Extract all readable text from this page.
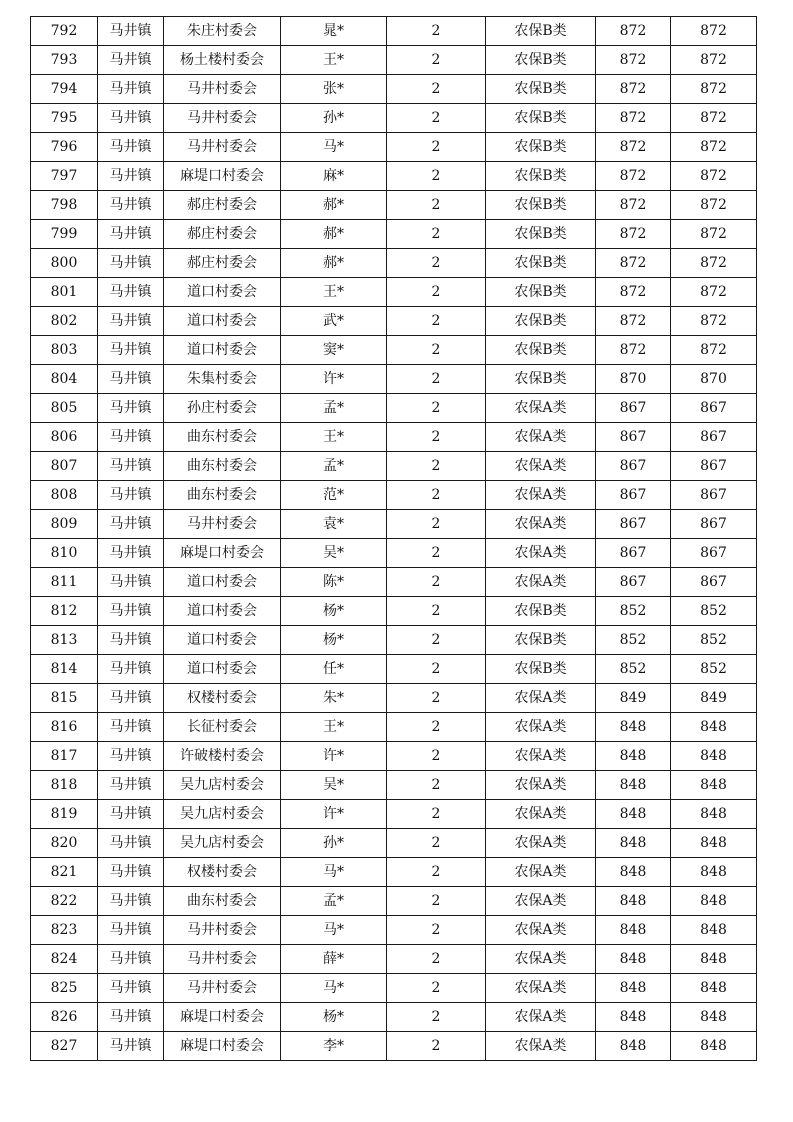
792	马井镇	朱庄村委会	晁*	2	农保B类	872	872
793	马井镇	杨土楼村委会	王*	2	农保B类	872	872
794	马井镇	马井村委会	张*	2	农保B类	872	872
795	马井镇	马井村委会	孙*	2	农保B类	872	872
796	马井镇	马井村委会	马*	2	农保B类	872	872
797	马井镇	麻堤口村委会	麻*	2	农保B类	872	872
798	马井镇	郝庄村委会	郝*	2	农保B类	872	872
799	马井镇	郝庄村委会	郝*	2	农保B类	872	872
800	马井镇	郝庄村委会	郝*	2	农保B类	872	872
801	马井镇	道口村委会	王*	2	农保B类	872	872
802	马井镇	道口村委会	武*	2	农保B类	872	872
803	马井镇	道口村委会	窦*	2	农保B类	872	872
804	马井镇	朱集村委会	许*	2	农保B类	870	870
805	马井镇	孙庄村委会	孟*	2	农保A类	867	867
806	马井镇	曲东村委会	王*	2	农保A类	867	867
807	马井镇	曲东村委会	孟*	2	农保A类	867	867
808	马井镇	曲东村委会	范*	2	农保A类	867	867
809	马井镇	马井村委会	袁*	2	农保A类	867	867
810	马井镇	麻堤口村委会	吴*	2	农保A类	867	867
811	马井镇	道口村委会	陈*	2	农保A类	867	867
812	马井镇	道口村委会	杨*	2	农保B类	852	852
813	马井镇	道口村委会	杨*	2	农保B类	852	852
814	马井镇	道口村委会	任*	2	农保B类	852	852
815	马井镇	权楼村委会	朱*	2	农保A类	849	849
816	马井镇	长征村委会	王*	2	农保A类	848	848
817	马井镇	许破楼村委会	许*	2	农保A类	848	848
818	马井镇	吴九店村委会	吴*	2	农保A类	848	848
819	马井镇	吴九店村委会	许*	2	农保A类	848	848
820	马井镇	吴九店村委会	孙*	2	农保A类	848	848
821	马井镇	权楼村委会	马*	2	农保A类	848	848
822	马井镇	曲东村委会	孟*	2	农保A类	848	848
823	马井镇	马井村委会	马*	2	农保A类	848	848
824	马井镇	马井村委会	薛*	2	农保A类	848	848
825	马井镇	马井村委会	马*	2	农保A类	848	848
826	马井镇	麻堤口村委会	杨*	2	农保A类	848	848
827	马井镇	麻堤口村委会	李*	2	农保A类	848	848
